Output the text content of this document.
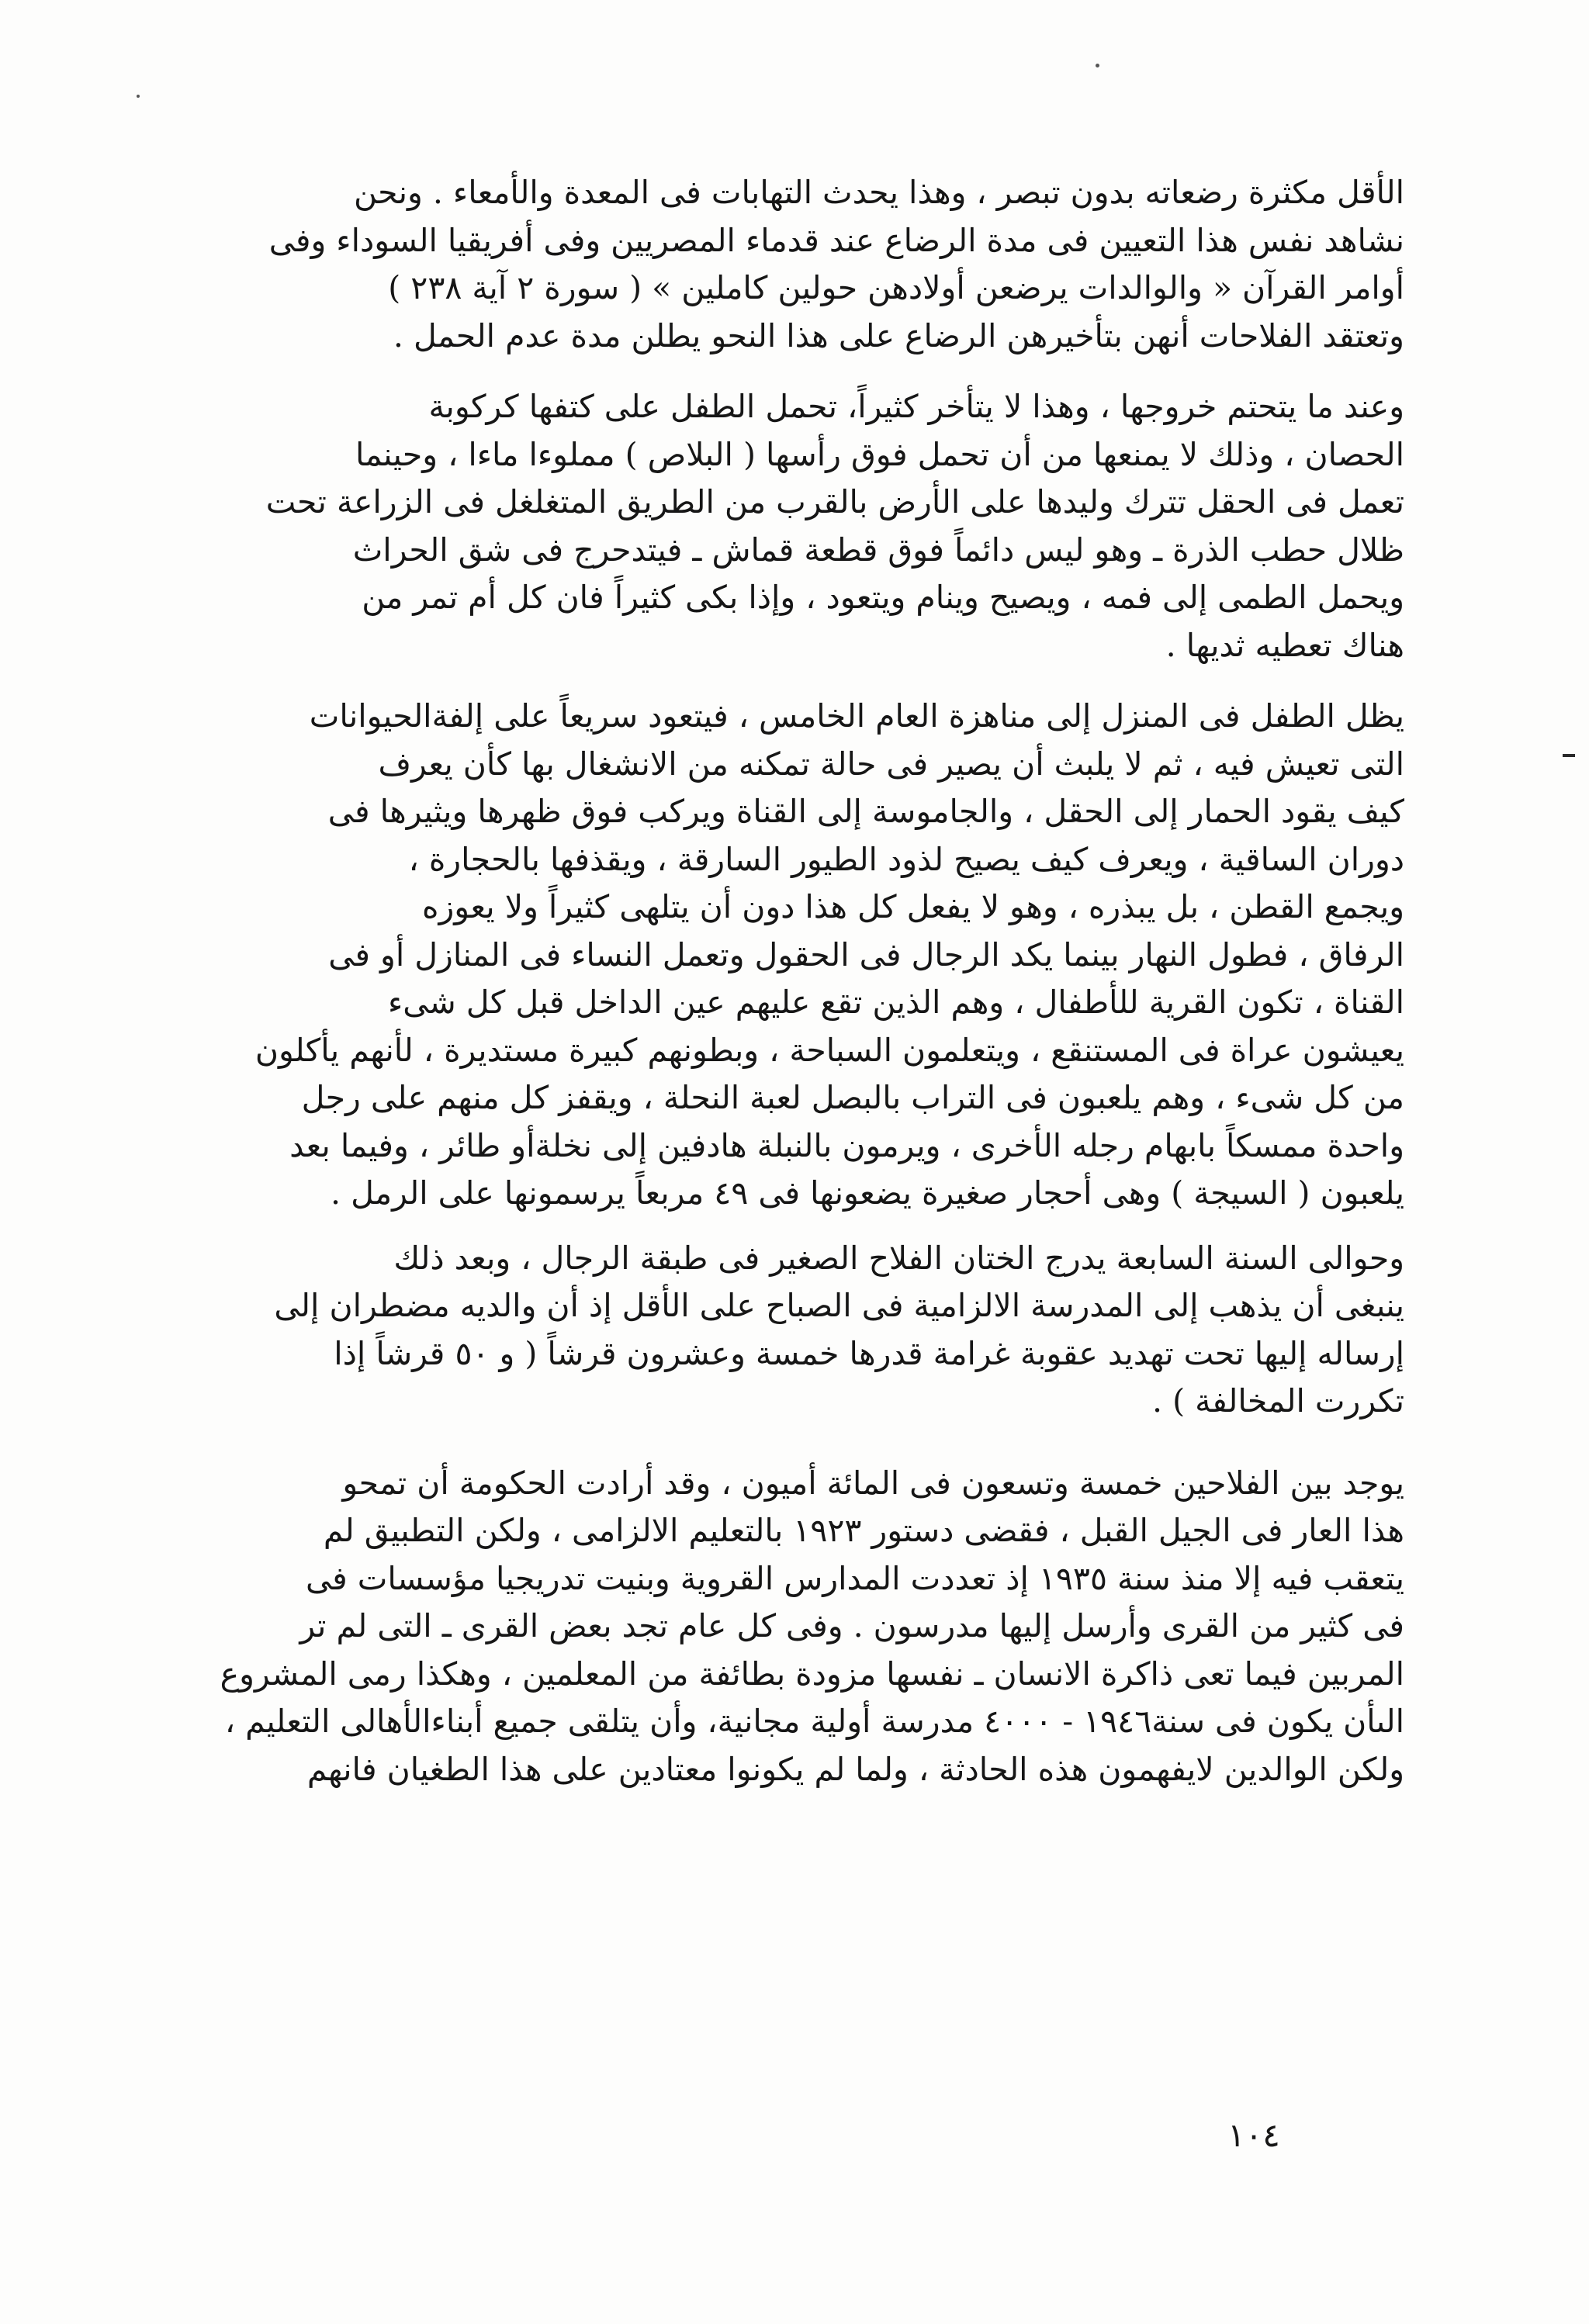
الأقل مكثرة رضعاته بدون تبصر ، وهذا يحدث التهابات فى المعدة والأمعاء . ونحن
نشاهد نفس هذا التعيين فى مدة الرضاع عند قدماء المصريين وفى أفريقيا السوداء وفى
أوامر القرآن « والوالدات يرضعن أولادهن حولين كاملين » ( سورة ٢ آية ٢٣٨ )
وتعتقد الفلاحات أنهن بتأخيرهن الرضاع على هذا النحو يطلن مدة عدم الحمل .
وعند ما يتحتم خروجها ، وهذا لا يتأخر كثيراً، تحمل الطفل على كتفها كركوبة
الحصان ، وذلك لا يمنعها من أن تحمل فوق رأسها ( البلاص ) مملوءا ماءا ، وحينما
تعمل فى الحقل تترك وليدها على الأرض بالقرب من الطريق المتغلغل فى الزراعة تحت
ظلال حطب الذرة ـ وهو ليس دائماً فوق قطعة قماش ـ فيتدحرج فى شق الحراث
ويحمل الطمى إلى فمه ، ويصيح وينام ويتعود ، وإذا بكى كثيراً فان كل أم تمر من
هناك تعطيه ثديها .
يظل الطفل فى المنزل إلى مناهزة العام الخامس ، فيتعود سريعاً على إلفةالحيوانات
التى تعيش فيه ، ثم لا يلبث أن يصير فى حالة تمكنه من الانشغال بها كأن يعرف
كيف يقود الحمار إلى الحقل ، والجاموسة إلى القناة ويركب فوق ظهرها ويثيرها فى
دوران الساقية ، ويعرف كيف يصيح لذود الطيور السارقة ، ويقذفها بالحجارة ،
ويجمع القطن ، بل يبذره ، وهو لا يفعل كل هذا دون أن يتلهى كثيراً ولا يعوزه
الرفاق ، فطول النهار بينما يكد الرجال فى الحقول وتعمل النساء فى المنازل أو فى
القناة ، تكون القرية للأطفال ، وهم الذين تقع عليهم عين الداخل قبل كل شىء
يعيشون عراة فى المستنقع ، ويتعلمون السباحة ، وبطونهم كبيرة مستديرة ، لأنهم يأكلون
من كل شىء ، وهم يلعبون فى التراب بالبصل لعبة النحلة ، ويقفز كل منهم على رجل
واحدة ممسكاً بابهام رجله الأخرى ، ويرمون بالنبلة هادفين إلى نخلةأو طائر ، وفيما بعد
يلعبون ( السيجة ) وهى أحجار صغيرة يضعونها فى ٤٩ مربعاً يرسمونها على الرمل .
وحوالى السنة السابعة يدرج الختان الفلاح الصغير فى طبقة الرجال ، وبعد ذلك
ينبغى أن يذهب إلى المدرسة الالزامية فى الصباح على الأقل إذ أن والديه مضطران إلى
إرساله إليها تحت تهديد عقوبة غرامة قدرها خمسة وعشرون قرشاً ( و ٥٠ قرشاً إذا
تكررت المخالفة ) .
يوجد بين الفلاحين خمسة وتسعون فى المائة أميون ، وقد أرادت الحكومة أن تمحو
هذا العار فى الجيل القبل ، فقضى دستور ١٩٢٣ بالتعليم الالزامى ، ولكن التطبيق لم
يتعقب فيه إلا منذ سنة ١٩٣٥ إذ تعددت المدارس القروية وبنيت تدريجيا مؤسسات فى
فى كثير من القرى وأرسل إليها مدرسون . وفى كل عام تجد بعض القرى ـ التى لم تر
المربين فيما تعى ذاكرة الانسان ـ نفسها مزودة بطائفة من المعلمين ، وهكذا رمى المشروع
الىأن يكون فى سنة١٩٤٦ - ٤٠٠٠ مدرسة أولية مجانية، وأن يتلقى جميع أبناءالأهالى التعليم ،
ولكن الوالدين لايفهمون هذه الحادثة ، ولما لم يكونوا معتادين على هذا الطغيان فانهم
١٠٤
